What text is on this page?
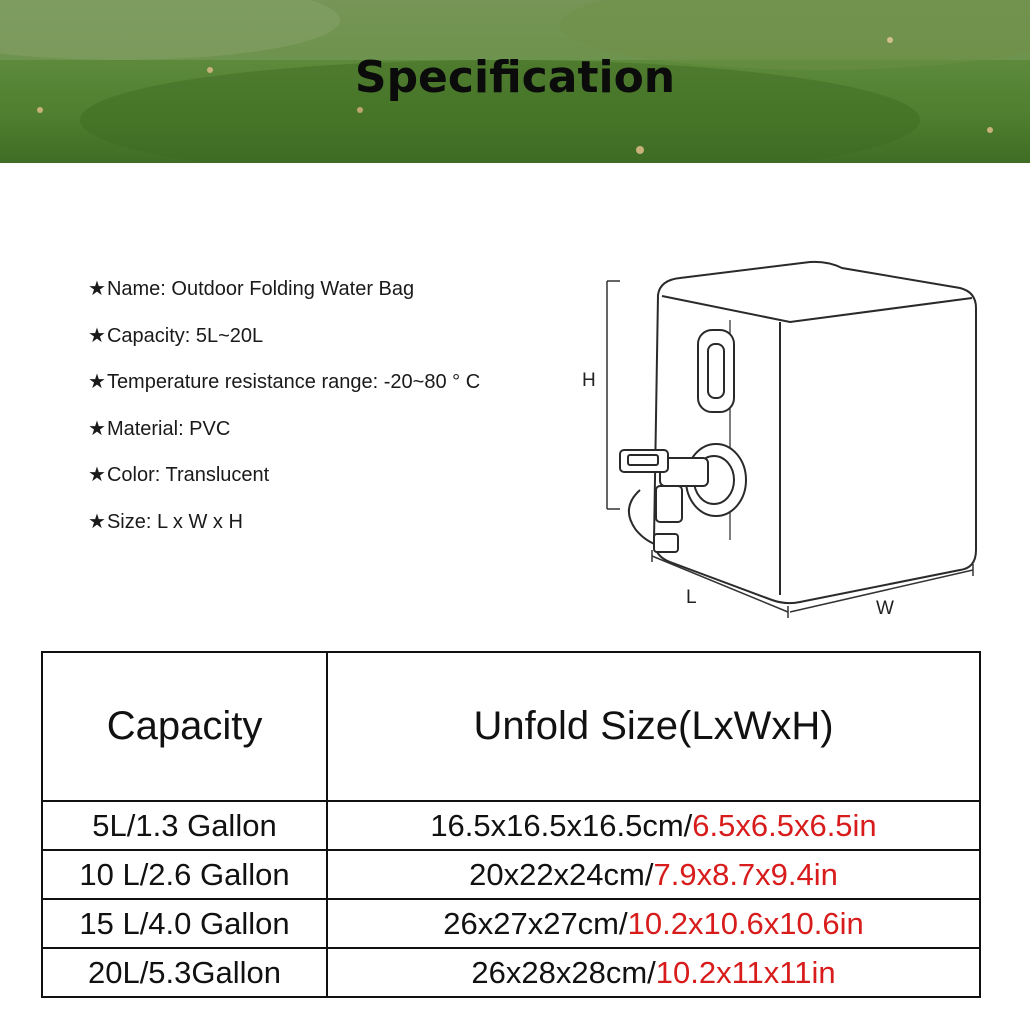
Specification
★Name: Outdoor Folding Water Bag
★Capacity: 5L~20L
★Temperature resistance range: -20~80 ° C
★Material: PVC
★Color: Translucent
★Size: L x W x H
H
L
W
Capacity	Unfold Size(LxWxH)
5L/1.3 Gallon	16.5x16.5x16.5cm/6.5x6.5x6.5in
10 L/2.6 Gallon	20x22x24cm/7.9x8.7x9.4in
15 L/4.0 Gallon	26x27x27cm/10.2x10.6x10.6in
20L/5.3Gallon	26x28x28cm/10.2x11x11in
